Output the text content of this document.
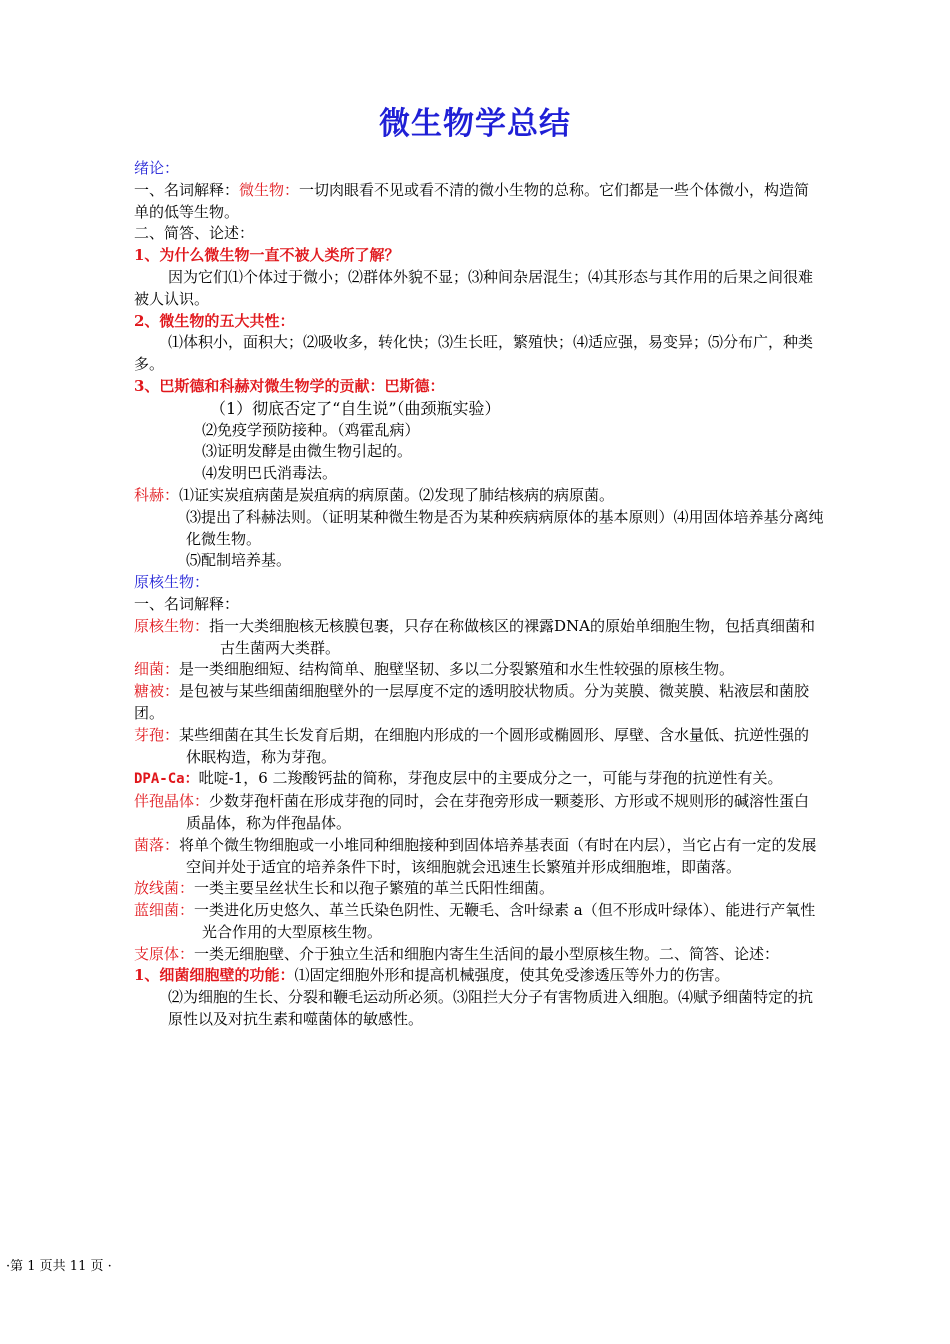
微生物学总结

绪论：

一、名词解释：微生物：一切肉眼看不见或看不清的微小生物的总称。它们都是一些个体微小，构造简单的低等生物。

二、简答、论述：

1、为什么微生物一直不被人类所了解？

因为它们⑴个体过于微小；⑵群体外貌不显；⑶种间杂居混生；⑷其形态与其作用的后果之间很难被人认识。

2、微生物的五大共性：

⑴体积小，面积大；⑵吸收多，转化快；⑶生长旺，繁殖快；⑷适应强，易变异；⑸分布广，种类多。

3、巴斯德和科赫对微生物学的贡献：巴斯德：

（1）彻底否定了“自生说”（曲颈瓶实验）

⑵免疫学预防接种。（鸡霍乱病）

⑶证明发酵是由微生物引起的。

⑷发明巴氏消毒法。

科赫：⑴证实炭疽病菌是炭疽病的病原菌。⑵发现了肺结核病的病原菌。

⑶提出了科赫法则。（证明某种微生物是否为某种疾病病原体的基本原则）⑷用固体培养基分离纯化微生物。

⑸配制培养基。

原核生物：

一、名词解释：

原核生物：指一大类细胞核无核膜包裹，只存在称做核区的裸露DNA的原始单细胞生物，包括真细菌和古生菌两大类群。

细菌：是一类细胞细短、结构简单、胞壁坚韧、多以二分裂繁殖和水生性较强的原核生物。

糖被：是包被与某些细菌细胞壁外的一层厚度不定的透明胶状物质。分为荚膜、微荚膜、粘液层和菌胶团。

芽孢：某些细菌在其生长发育后期，在细胞内形成的一个圆形或椭圆形、厚壁、含水量低、抗逆性强的休眠构造，称为芽孢。

DPA-Ca：吡啶-1，6 二羧酸钙盐的简称，芽孢皮层中的主要成分之一，可能与芽孢的抗逆性有关。

伴孢晶体：少数芽孢杆菌在形成芽孢的同时，会在芽孢旁形成一颗菱形、方形或不规则形的碱溶性蛋白质晶体，称为伴孢晶体。

菌落：将单个微生物细胞或一小堆同种细胞接种到固体培养基表面（有时在内层），当它占有一定的发展空间并处于适宜的培养条件下时，该细胞就会迅速生长繁殖并形成细胞堆，即菌落。

放线菌：一类主要呈丝状生长和以孢子繁殖的革兰氏阳性细菌。

蓝细菌：一类进化历史悠久、革兰氏染色阴性、无鞭毛、含叶绿素 a（但不形成叶绿体）、能进行产氧性光合作用的大型原核生物。

支原体：一类无细胞壁、介于独立生活和细胞内寄生生活间的最小型原核生物。二、简答、论述：

1、细菌细胞壁的功能：⑴固定细胞外形和提高机械强度，使其免受渗透压等外力的伤害。

⑵为细胞的生长、分裂和鞭毛运动所必须。⑶阻拦大分子有害物质进入细胞。⑷赋予细菌特定的抗原性以及对抗生素和噬菌体的敏感性。

·第 1 页共 11 页 ·
